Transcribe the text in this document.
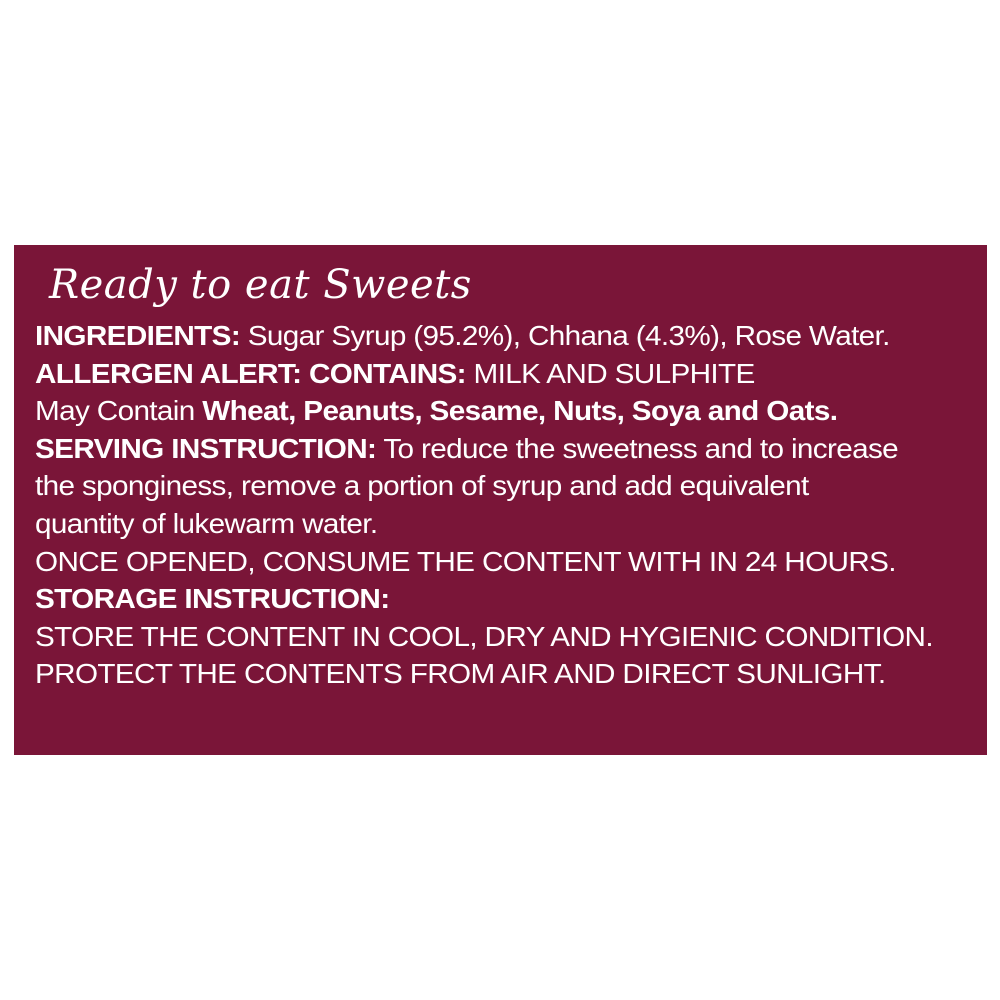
Ready to eat Sweets
INGREDIENTS: Sugar Syrup (95.2%), Chhana (4.3%), Rose Water.
ALLERGEN ALERT: CONTAINS: MILK AND SULPHITE
May Contain Wheat, Peanuts, Sesame, Nuts, Soya and Oats.
SERVING INSTRUCTION: To reduce the sweetness and to increase
the sponginess, remove a portion of syrup and add equivalent
quantity of lukewarm water.
ONCE OPENED, CONSUME THE CONTENT WITH IN 24 HOURS.
STORAGE INSTRUCTION:
STORE THE CONTENT IN COOL, DRY AND HYGIENIC CONDITION.
PROTECT THE CONTENTS FROM AIR AND DIRECT SUNLIGHT.
